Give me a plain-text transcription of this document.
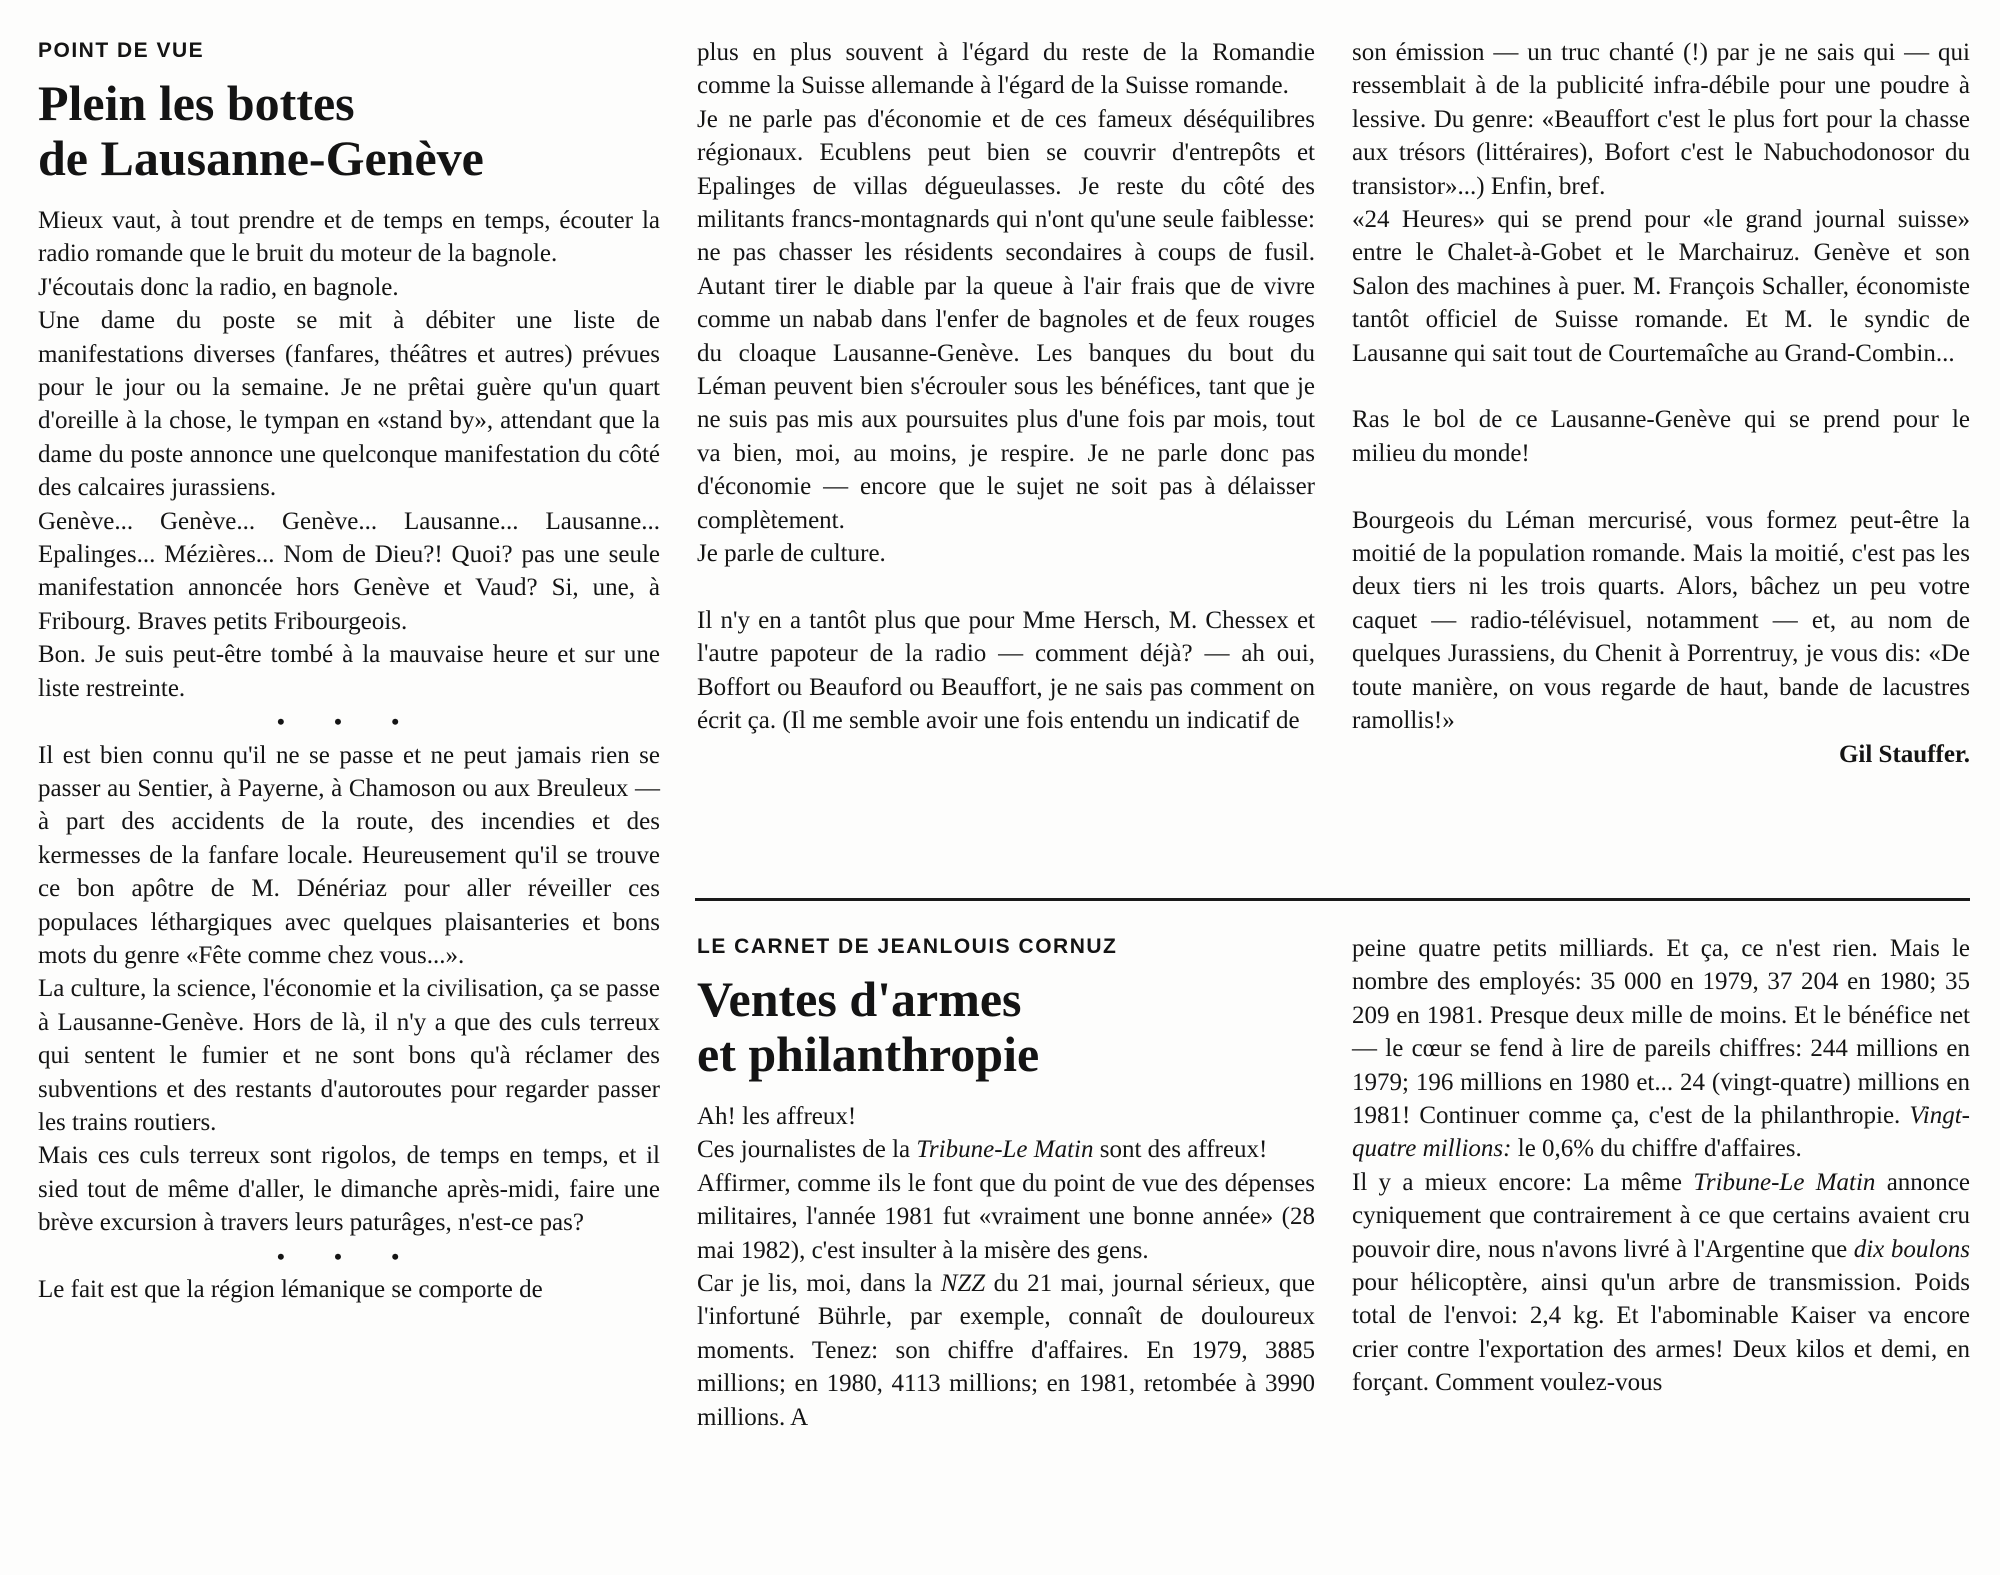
POINT DE VUE
Plein les bottes
de Lausanne-Genève

Mieux vaut, à tout prendre et de temps en temps, écouter la radio romande que le bruit du moteur de la bagnole.

J'écoutais donc la radio, en bagnole.

Une dame du poste se mit à débiter une liste de manifestations diverses (fanfares, théâtres et autres) prévues pour le jour ou la semaine. Je ne prêtai guère qu'un quart d'oreille à la chose, le tympan en «stand by», attendant que la dame du poste annonce une quelconque manifestation du côté des calcaires jurassiens.

Genève... Genève... Genève... Lausanne... Lausanne... Epalinges... Mézières... Nom de Dieu?! Quoi? pas une seule manifestation annoncée hors Genève et Vaud? Si, une, à Fribourg. Braves petits Fribourgeois.

Bon. Je suis peut-être tombé à la mauvaise heure et sur une liste restreinte.

• • •

Il est bien connu qu'il ne se passe et ne peut jamais rien se passer au Sentier, à Payerne, à Chamoson ou aux Breuleux — à part des accidents de la route, des incendies et des kermesses de la fanfare locale. Heureusement qu'il se trouve ce bon apôtre de M. Dénériaz pour aller réveiller ces populaces léthargiques avec quelques plaisanteries et bons mots du genre «Fête comme chez vous...».

La culture, la science, l'économie et la civilisation, ça se passe à Lausanne-Genève. Hors de là, il n'y a que des culs terreux qui sentent le fumier et ne sont bons qu'à réclamer des subventions et des restants d'autoroutes pour regarder passer les trains routiers.

Mais ces culs terreux sont rigolos, de temps en temps, et il sied tout de même d'aller, le dimanche après-midi, faire une brève excursion à travers leurs paturâges, n'est-ce pas?

• • •

Le fait est que la région lémanique se comporte de

plus en plus souvent à l'égard du reste de la Romandie comme la Suisse allemande à l'égard de la Suisse romande.

Je ne parle pas d'économie et de ces fameux déséquilibres régionaux. Ecublens peut bien se couvrir d'entrepôts et Epalinges de villas dégueulasses. Je reste du côté des militants francs-montagnards qui n'ont qu'une seule faiblesse: ne pas chasser les résidents secondaires à coups de fusil. Autant tirer le diable par la queue à l'air frais que de vivre comme un nabab dans l'enfer de bagnoles et de feux rouges du cloaque Lausanne-Genève. Les banques du bout du Léman peuvent bien s'écrouler sous les bénéfices, tant que je ne suis pas mis aux poursuites plus d'une fois par mois, tout va bien, moi, au moins, je respire. Je ne parle donc pas d'économie — encore que le sujet ne soit pas à délaisser complètement.

Je parle de culture.

Il n'y en a tantôt plus que pour Mme Hersch, M. Chessex et l'autre papoteur de la radio — comment déjà? — ah oui, Boffort ou Beauford ou Beauffort, je ne sais pas comment on écrit ça. (Il me semble avoir une fois entendu un indicatif de

son émission — un truc chanté (!) par je ne sais qui — qui ressemblait à de la publicité infra-débile pour une poudre à lessive. Du genre: «Beauffort c'est le plus fort pour la chasse aux trésors (littéraires), Bofort c'est le Nabuchodonosor du transistor»...) Enfin, bref.

«24 Heures» qui se prend pour «le grand journal suisse» entre le Chalet-à-Gobet et le Marchairuz. Genève et son Salon des machines à puer. M. François Schaller, économiste tantôt officiel de Suisse romande. Et M. le syndic de Lausanne qui sait tout de Courtemaîche au Grand-Combin...

Ras le bol de ce Lausanne-Genève qui se prend pour le milieu du monde!

Bourgeois du Léman mercurisé, vous formez peut-être la moitié de la population romande. Mais la moitié, c'est pas les deux tiers ni les trois quarts. Alors, bâchez un peu votre caquet — radio-télévisuel, notamment — et, au nom de quelques Jurassiens, du Chenit à Porrentruy, je vous dis: «De toute manière, on vous regarde de haut, bande de lacustres ramollis!»

Gil Stauffer.
LE CARNET DE JEANLOUIS CORNUZ
Ventes d'armes
et philanthropie

Ah! les affreux!

Ces journalistes de la Tribune-Le Matin sont des affreux!

Affirmer, comme ils le font que du point de vue des dépenses militaires, l'année 1981 fut «vraiment une bonne année» (28 mai 1982), c'est insulter à la misère des gens.

Car je lis, moi, dans la NZZ du 21 mai, journal sérieux, que l'infortuné Bührle, par exemple, connaît de douloureux moments. Tenez: son chiffre d'affaires. En 1979, 3885 millions; en 1980, 4113 millions; en 1981, retombée à 3990 millions. A

peine quatre petits milliards. Et ça, ce n'est rien. Mais le nombre des employés: 35 000 en 1979, 37 204 en 1980; 35 209 en 1981. Presque deux mille de moins. Et le bénéfice net — le cœur se fend à lire de pareils chiffres: 244 millions en 1979; 196 millions en 1980 et... 24 (vingt-quatre) millions en 1981! Continuer comme ça, c'est de la philanthropie. Vingt-quatre millions: le 0,6% du chiffre d'affaires.

Il y a mieux encore: La même Tribune-Le Matin annonce cyniquement que contrairement à ce que certains avaient cru pouvoir dire, nous n'avons livré à l'Argentine que dix boulons pour hélicoptère, ainsi qu'un arbre de transmission. Poids total de l'envoi: 2,4 kg. Et l'abominable Kaiser va encore crier contre l'exportation des armes! Deux kilos et demi, en forçant. Comment voulez-vous
